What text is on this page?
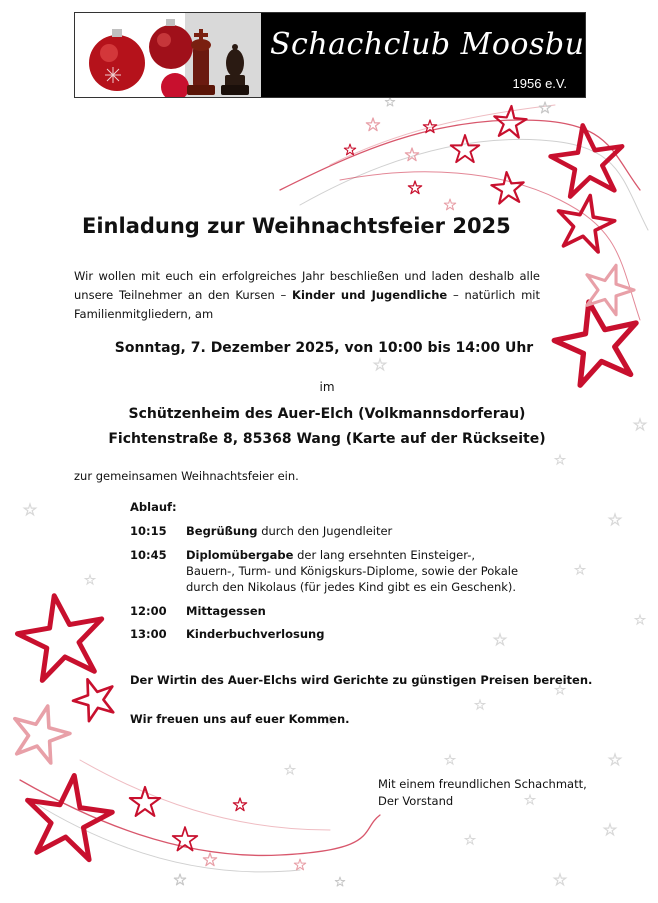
Schachclub Moosburg
1956 e.V.
Einladung zur Weihnachtsfeier 2025
Wir wollen mit euch ein erfolgreiches Jahr beschließen und laden deshalb alle unsere Teilnehmer an den Kursen – Kinder und Jugendliche – natürlich mit Familienmitgliedern, am
Sonntag, 7. Dezember 2025, von 10:00 bis 14:00 Uhr
im
Schützenheim des Auer-Elch (Volkmannsdorferau)
Fichtenstraße 8, 85368 Wang (Karte auf der Rückseite)
zur gemeinsamen Weihnachtsfeier ein.
Ablauf:
10:15	Begrüßung durch den Jugendleiter
10:45	Diplomübergabe der lang ersehnten Einsteiger-, Bauern-, Turm- und Königskurs-Diplome, sowie der Pokale durch den Nikolaus (für jedes Kind gibt es ein Geschenk).
12:00	Mittagessen
13:00	Kinderbuchverlosung
Der Wirtin des Auer-Elchs wird Gerichte zu günstigen Preisen bereiten.
Wir freuen uns auf euer Kommen.
Mit einem freundlichen Schachmatt,
Der Vorstand
